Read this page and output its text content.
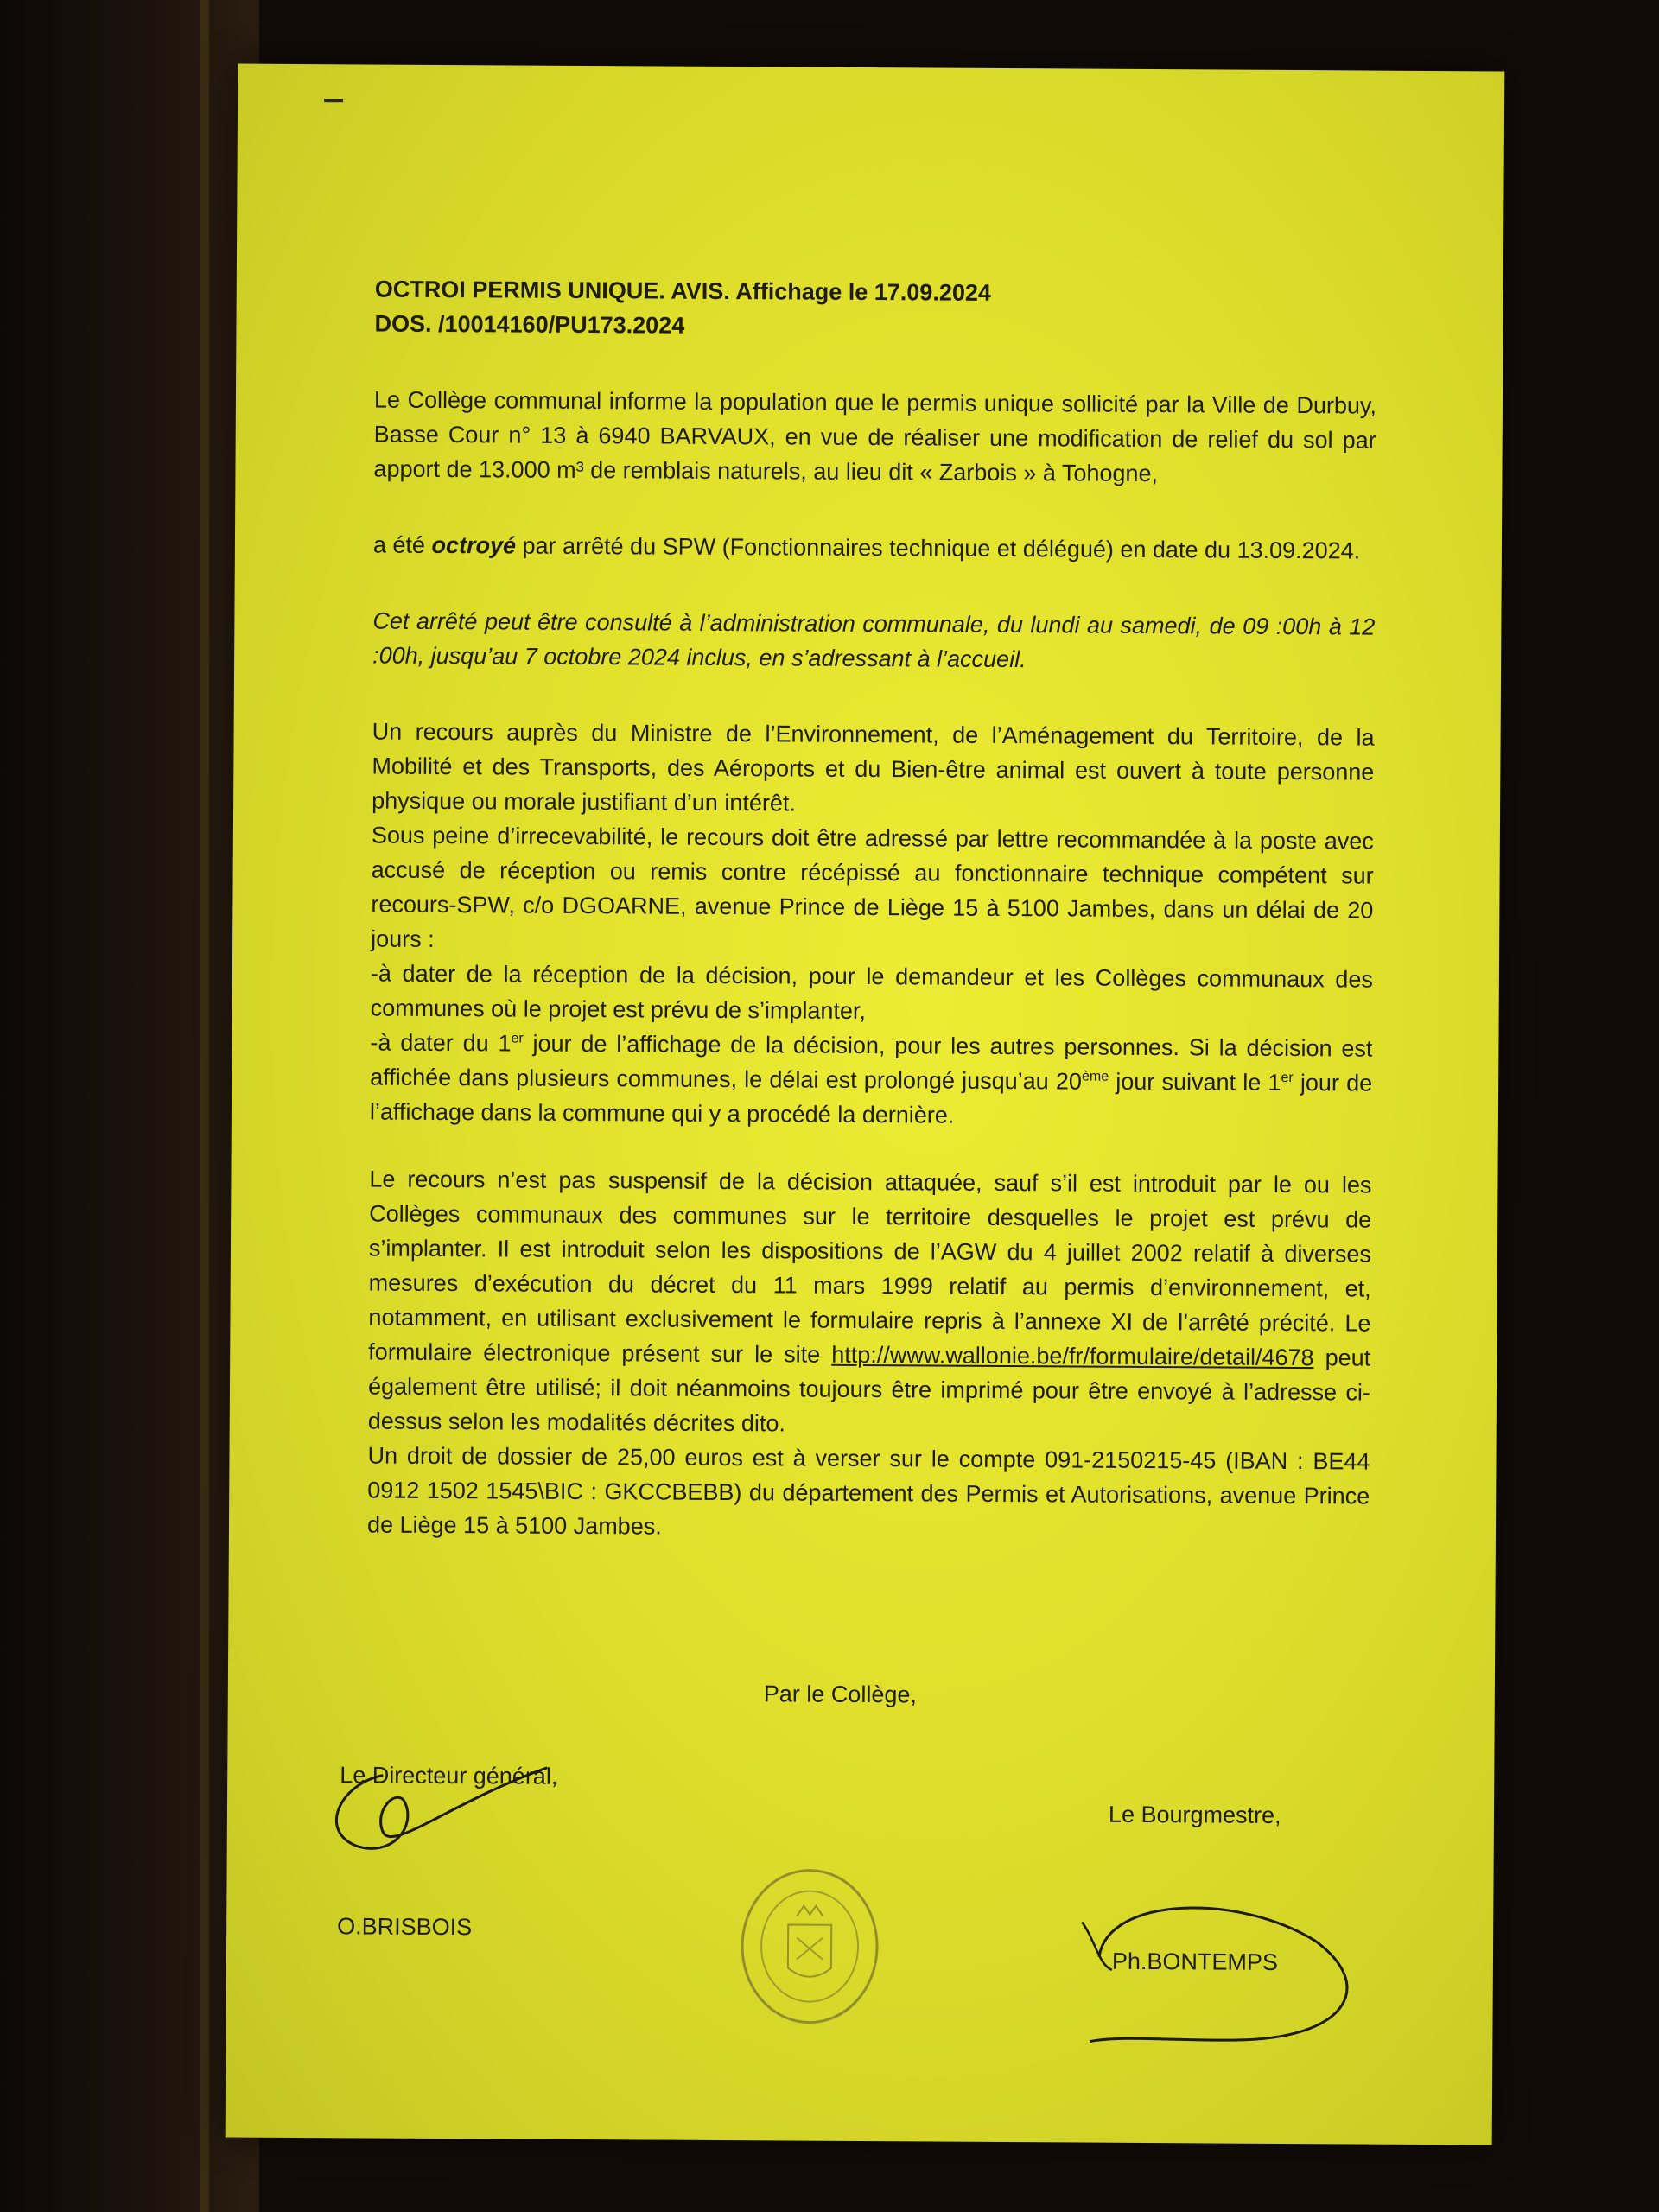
OCTROI PERMIS UNIQUE. AVIS. Affichage le 17.09.2024

DOS. /10014160/PU173.2024

Le Collège communal informe la population que le permis unique sollicité par la Ville de Durbuy, Basse Cour n° 13 à 6940 BARVAUX, en vue de réaliser une modification de relief du sol par apport de 13.000 m³ de remblais naturels, au lieu dit « Zarbois » à Tohogne,

a été octroyé par arrêté du SPW (Fonctionnaires technique et délégué) en date du 13.09.2024.

Cet arrêté peut être consulté à l’administration communale, du lundi au samedi, de 09 :00h à 12 :00h, jusqu’au 7 octobre 2024 inclus, en s’adressant à l’accueil.

Un recours auprès du Ministre de l’Environnement, de l’Aménagement du Territoire, de la Mobilité et des Transports, des Aéroports et du Bien-être animal est ouvert à toute personne physique ou morale justifiant d’un intérêt.

Sous peine d’irrecevabilité, le recours doit être adressé par lettre recommandée à la poste avec accusé de réception ou remis contre récépissé au fonctionnaire technique compétent sur recours-SPW, c/o DGOARNE, avenue Prince de Liège 15 à 5100 Jambes, dans un délai de 20 jours :

-à dater de la réception de la décision, pour le demandeur et les Collèges communaux des communes où le projet est prévu de s’implanter,

-à dater du 1er jour de l’affichage de la décision, pour les autres personnes. Si la décision est affichée dans plusieurs communes, le délai est prolongé jusqu’au 20ème jour suivant le 1er jour de l’affichage dans la commune qui y a procédé la dernière.

Le recours n’est pas suspensif de la décision attaquée, sauf s’il est introduit par le ou les Collèges communaux des communes sur le territoire desquelles le projet est prévu de s’implanter. Il est introduit selon les dispositions de l’AGW du 4 juillet 2002 relatif à diverses mesures d’exécution du décret du 11 mars 1999 relatif au permis d’environnement, et, notamment, en utilisant exclusivement le formulaire repris à l’annexe XI de l’arrêté précité. Le formulaire électronique présent sur le site http://www.wallonie.be/fr/formulaire/detail/4678 peut également être utilisé; il doit néanmoins toujours être imprimé pour être envoyé à l’adresse ci-dessus selon les modalités décrites dito.

Un droit de dossier de 25,00 euros est à verser sur le compte 091-2150215-45 (IBAN : BE44 0912 1502 1545\BIC : GKCCBEBB) du département des Permis et Autorisations, avenue Prince de Liège 15 à 5100 Jambes.

Par le Collège,
Le Directeur général,
O.BRISBOIS
Le Bourgmestre,
Ph.BONTEMPS
